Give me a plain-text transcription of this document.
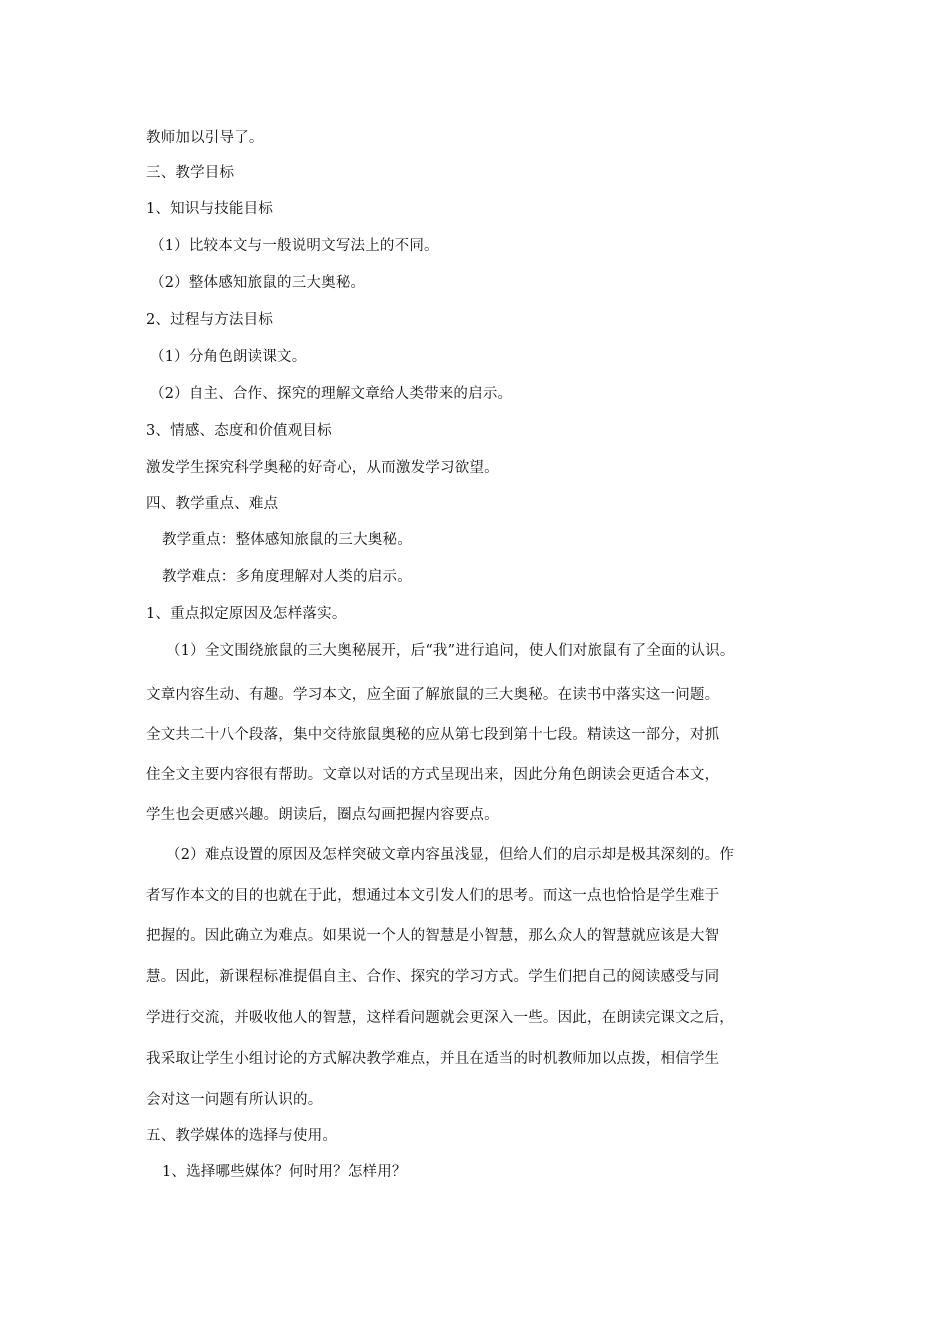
教师加以引导了。
三、教学目标
1、知识与技能目标
（1）比较本文与一般说明文写法上的不同。
（2）整体感知旅鼠的三大奥秘。
2、过程与方法目标
（1）分角色朗读课文。
（2）自主、合作、探究的理解文章给人类带来的启示。
3、情感、态度和价值观目标
激发学生探究科学奥秘的好奇心，从而激发学习欲望。
四、教学重点、难点
教学重点：整体感知旅鼠的三大奥秘。
教学难点：多角度理解对人类的启示。
1、重点拟定原因及怎样落实。
（1）全文围绕旅鼠的三大奥秘展开，后“我”进行追问，使人们对旅鼠有了全面的认识。
文章内容生动、有趣。学习本文，应全面了解旅鼠的三大奥秘。在读书中落实这一问题。
全文共二十八个段落，集中交待旅鼠奥秘的应从第七段到第十七段。精读这一部分，对抓
住全文主要内容很有帮助。文章以对话的方式呈现出来，因此分角色朗读会更适合本文，
学生也会更感兴趣。朗读后，圈点勾画把握内容要点。
（2）难点设置的原因及怎样突破文章内容虽浅显，但给人们的启示却是极其深刻的。作
者写作本文的目的也就在于此，想通过本文引发人们的思考。而这一点也恰恰是学生难于
把握的。因此确立为难点。如果说一个人的智慧是小智慧，那么众人的智慧就应该是大智
慧。因此，新课程标准提倡自主、合作、探究的学习方式。学生们把自己的阅读感受与同
学进行交流，并吸收他人的智慧，这样看问题就会更深入一些。因此，在朗读完课文之后，
我采取让学生小组讨论的方式解决教学难点，并且在适当的时机教师加以点拨，相信学生
会对这一问题有所认识的。
五、教学媒体的选择与使用。
1、选择哪些媒体？何时用？怎样用？
